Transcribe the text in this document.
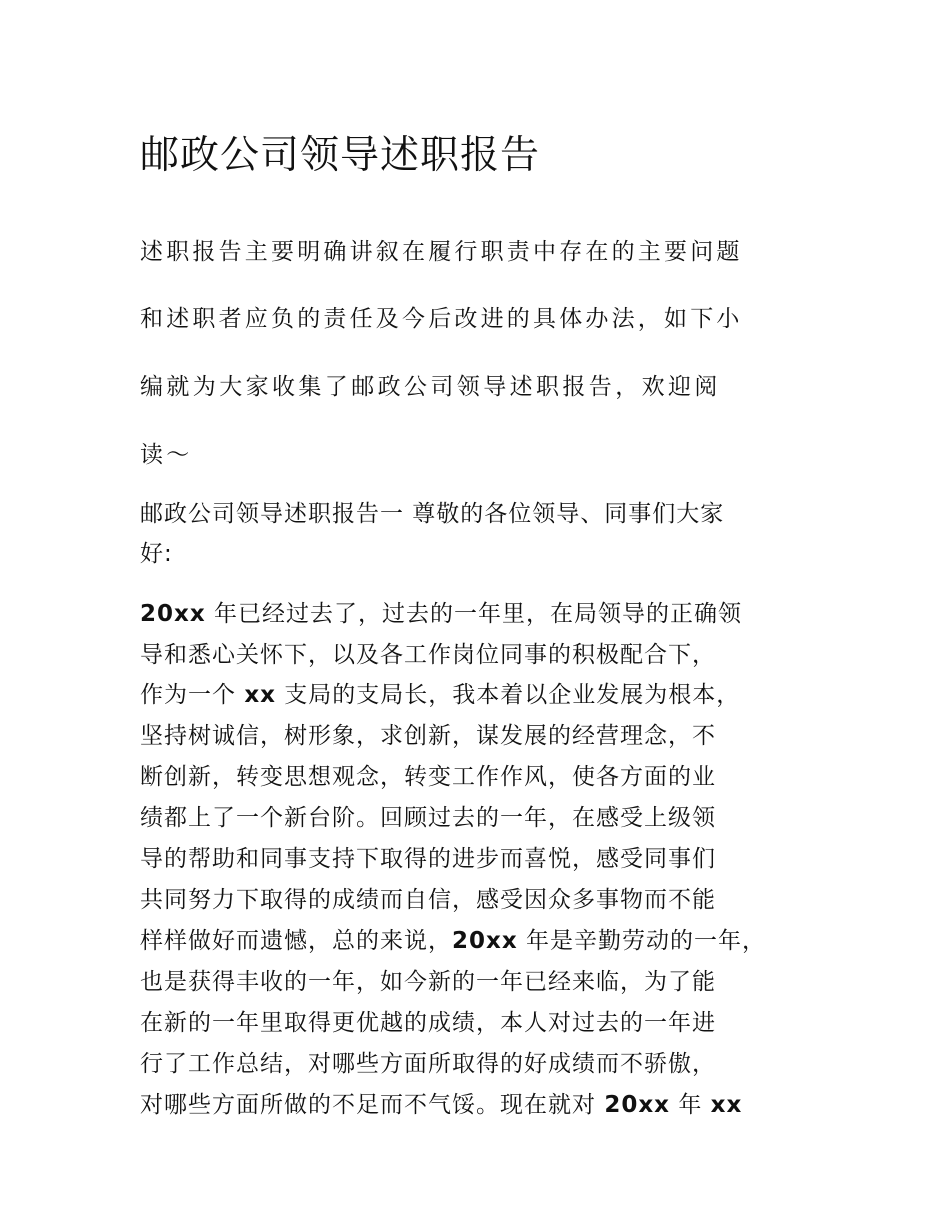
邮政公司领导述职报告

述职报告主要明确讲叙在履行职责中存在的主要问题

和述职者应负的责任及今后改进的具体办法，如下小

编就为大家收集了邮政公司领导述职报告，欢迎阅

读～

邮政公司领导述职报告一 尊敬的各位领导、同事们大家

好:

20xx 年已经过去了，过去的一年里，在局领导的正确领

导和悉心关怀下，以及各工作岗位同事的积极配合下，

作为一个 xx 支局的支局长，我本着以企业发展为根本，

坚持树诚信，树形象，求创新，谋发展的经营理念，不

断创新，转变思想观念，转变工作作风，使各方面的业

绩都上了一个新台阶。回顾过去的一年，在感受上级领

导的帮助和同事支持下取得的进步而喜悦，感受同事们

共同努力下取得的成绩而自信，感受因众多事物而不能

样样做好而遗憾，总的来说，20xx 年是辛勤劳动的一年，

也是获得丰收的一年，如今新的一年已经来临，为了能

在新的一年里取得更优越的成绩，本人对过去的一年进

行了工作总结，对哪些方面所取得的好成绩而不骄傲，

对哪些方面所做的不足而不气馁。现在就对 20xx 年 xx
